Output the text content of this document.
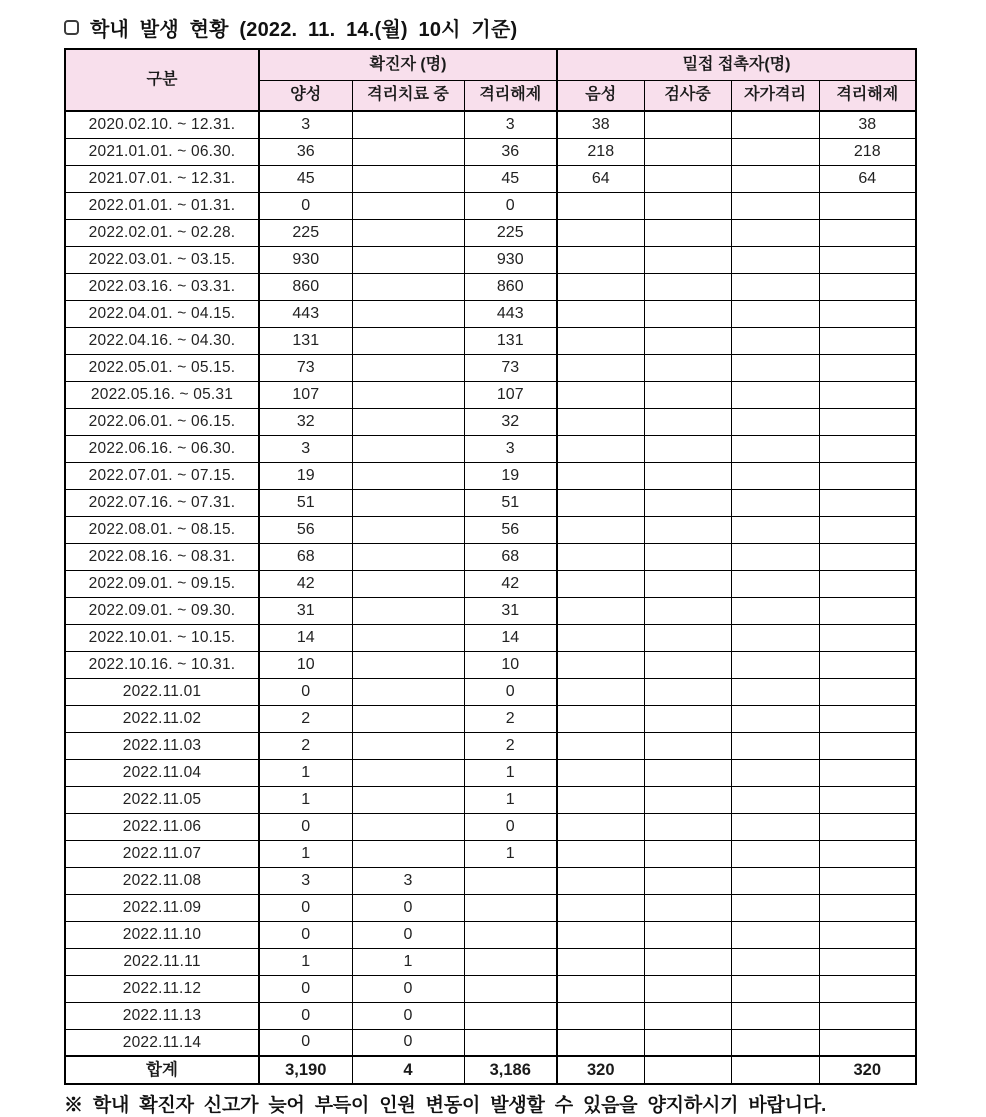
학내 발생 현황 (2022. 11. 14.(월) 10시 기준)
구분	확진자 (명)			밀접 접촉자(명)			
	양성	격리치료 중	격리해제	음성	검사중	자가격리	격리해제
2020.02.10. ~ 12.31.	3		3	38			38
2021.01.01. ~ 06.30.	36		36	218			218
2021.07.01. ~ 12.31.	45		45	64			64
2022.01.01. ~ 01.31.	0		0				
2022.02.01. ~ 02.28.	225		225				
2022.03.01. ~ 03.15.	930		930				
2022.03.16. ~ 03.31.	860		860				
2022.04.01. ~ 04.15.	443		443				
2022.04.16. ~ 04.30.	131		131				
2022.05.01. ~ 05.15.	73		73				
2022.05.16. ~ 05.31	107		107				
2022.06.01. ~ 06.15.	32		32				
2022.06.16. ~ 06.30.	3		3				
2022.07.01. ~ 07.15.	19		19				
2022.07.16. ~ 07.31.	51		51				
2022.08.01. ~ 08.15.	56		56				
2022.08.16. ~ 08.31.	68		68				
2022.09.01. ~ 09.15.	42		42				
2022.09.01. ~ 09.30.	31		31				
2022.10.01. ~ 10.15.	14		14				
2022.10.16. ~ 10.31.	10		10				
2022.11.01	0		0				
2022.11.02	2		2				
2022.11.03	2		2				
2022.11.04	1		1				
2022.11.05	1		1				
2022.11.06	0		0				
2022.11.07	1		1				
2022.11.08	3	3					
2022.11.09	0	0					
2022.11.10	0	0					
2022.11.11	1	1					
2022.11.12	0	0					
2022.11.13	0	0					
2022.11.14	0	0					
합계	3,190	4	3,186	320			320
※ 학내 확진자 신고가 늦어 부득이 인원 변동이 발생할 수 있음을 양지하시기 바랍니다.
